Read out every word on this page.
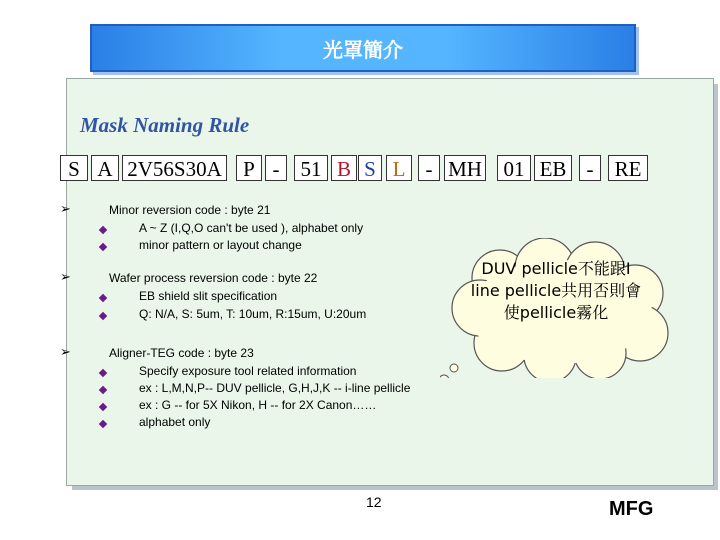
光罩簡介
Mask Naming Rule
S A 2V56S30A	P -	51 B S L - MH	01 EB -	RE
➢	Minor reversion code : byte 21
A ~ Z (I,Q,O can't be used ), alphabet only
minor pattern or layout change
➢	Wafer process reversion code : byte 22
EB shield slit specification
Q: N/A, S: 5um, T: 10um, R:15um, U:20um
➢	Aligner-TEG code : byte 23
Specify exposure tool related information
ex : L,M,N,P-- DUV pellicle, G,H,J,K -- i-line pellicle
ex : G -- for 5X Nikon, H -- for 2X Canon……
alphabet only
DUV pellicle不能跟I line pellicle共用否則會使pellicle霧化
12	MFG
